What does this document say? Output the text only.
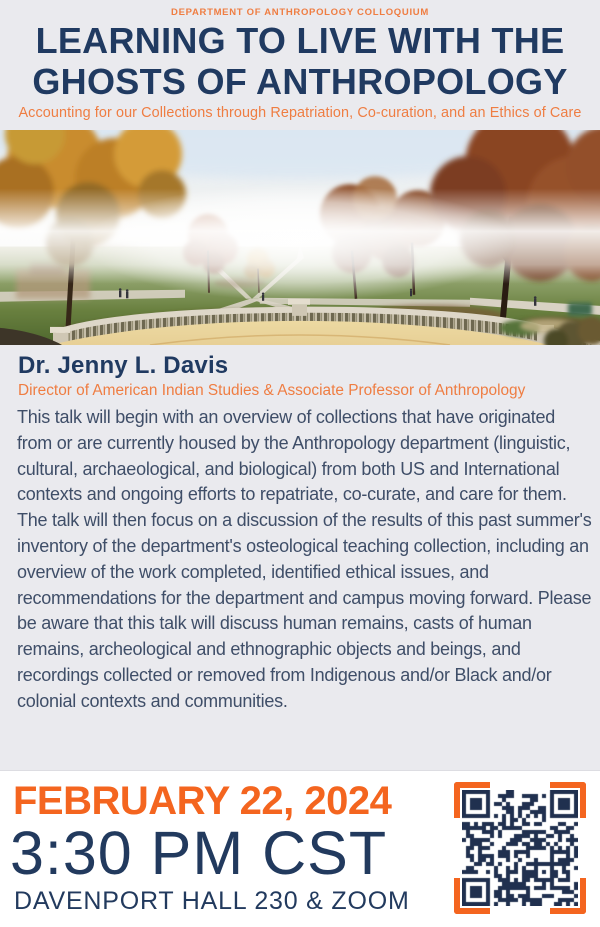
DEPARTMENT OF ANTHROPOLOGY COLLOQUIUM
LEARNING TO LIVE WITH THE
GHOSTS OF ANTHROPOLOGY
Accounting for our Collections through Repatriation, Co-curation, and an Ethics of Care
Dr. Jenny L. Davis
Director of American Indian Studies & Associate Professor of Anthropology

This talk will begin with an overview of collections that have originated from or are currently housed by the Anthropology department (linguistic, cultural, archaeological, and biological) from both US and International contexts and ongoing efforts to repatriate, co-curate, and care for them. The talk will then focus on a discussion of the results of this past summer's inventory of the department's osteological teaching collection, including an overview of the work completed, identified ethical issues, and recommendations for the department and campus moving forward. Please be aware that this talk will discuss human remains, casts of human remains, archeological and ethnographic objects and beings, and recordings collected or removed from Indigenous and/or Black and/or colonial contexts and communities.

FEBRUARY 22, 2024
3:30 PM CST
DAVENPORT HALL 230 & ZOOM
